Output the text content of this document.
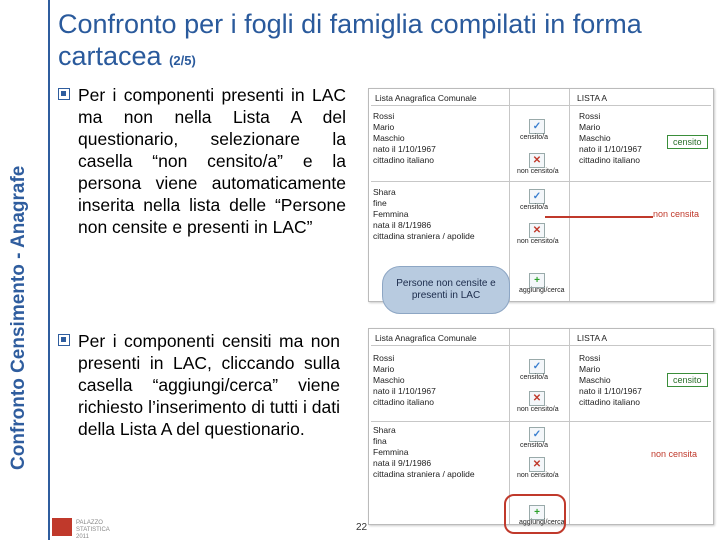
Confronto Censimento - Anagrafe
Confronto per i fogli di famiglia compilati in forma cartacea (2/5)
Per i componenti presenti in LAC ma non nella Lista A del questionario, selezionare la casella “non censito/a” e la persona viene automaticamente inserita nella lista delle “Persone non censite e presenti in LAC”
Per i componenti censiti ma non presenti in LAC, cliccando sulla casella “aggiungi/cerca” viene richiesto l’inserimento di tutti i dati della Lista A del questionario.
Lista Anagrafica Comunale	LISTA A
Rossi
Mario
Maschio
nato il 1/10/1967
cittadino italiano
Rossi
Mario
Maschio
nato il 1/10/1967
cittadino italiano
Shara
fine
Femmina
nata il 8/1/1986
cittadina straniera / apolide
✓
censito/a
✕
non censito/a
✓
censito/a
✕
non censito/a
+
aggiungi/cerca
censito
non censita
Persone non censite e presenti in LAC
Lista Anagrafica Comunale	LISTA A
Rossi
Mario
Maschio
nato il 1/10/1967
cittadino italiano
Rossi
Mario
Maschio
nato il 1/10/1967
cittadino italiano
Shara
fina
Femmina
nata il 9/1/1986
cittadina straniera / apolide
✓
censito/a
✕
non censito/a
✓
censito/a
✕
non censito/a
+
aggiungi/cerca
censito
non censita
PALAZZO
STATISTICA
2011
22
